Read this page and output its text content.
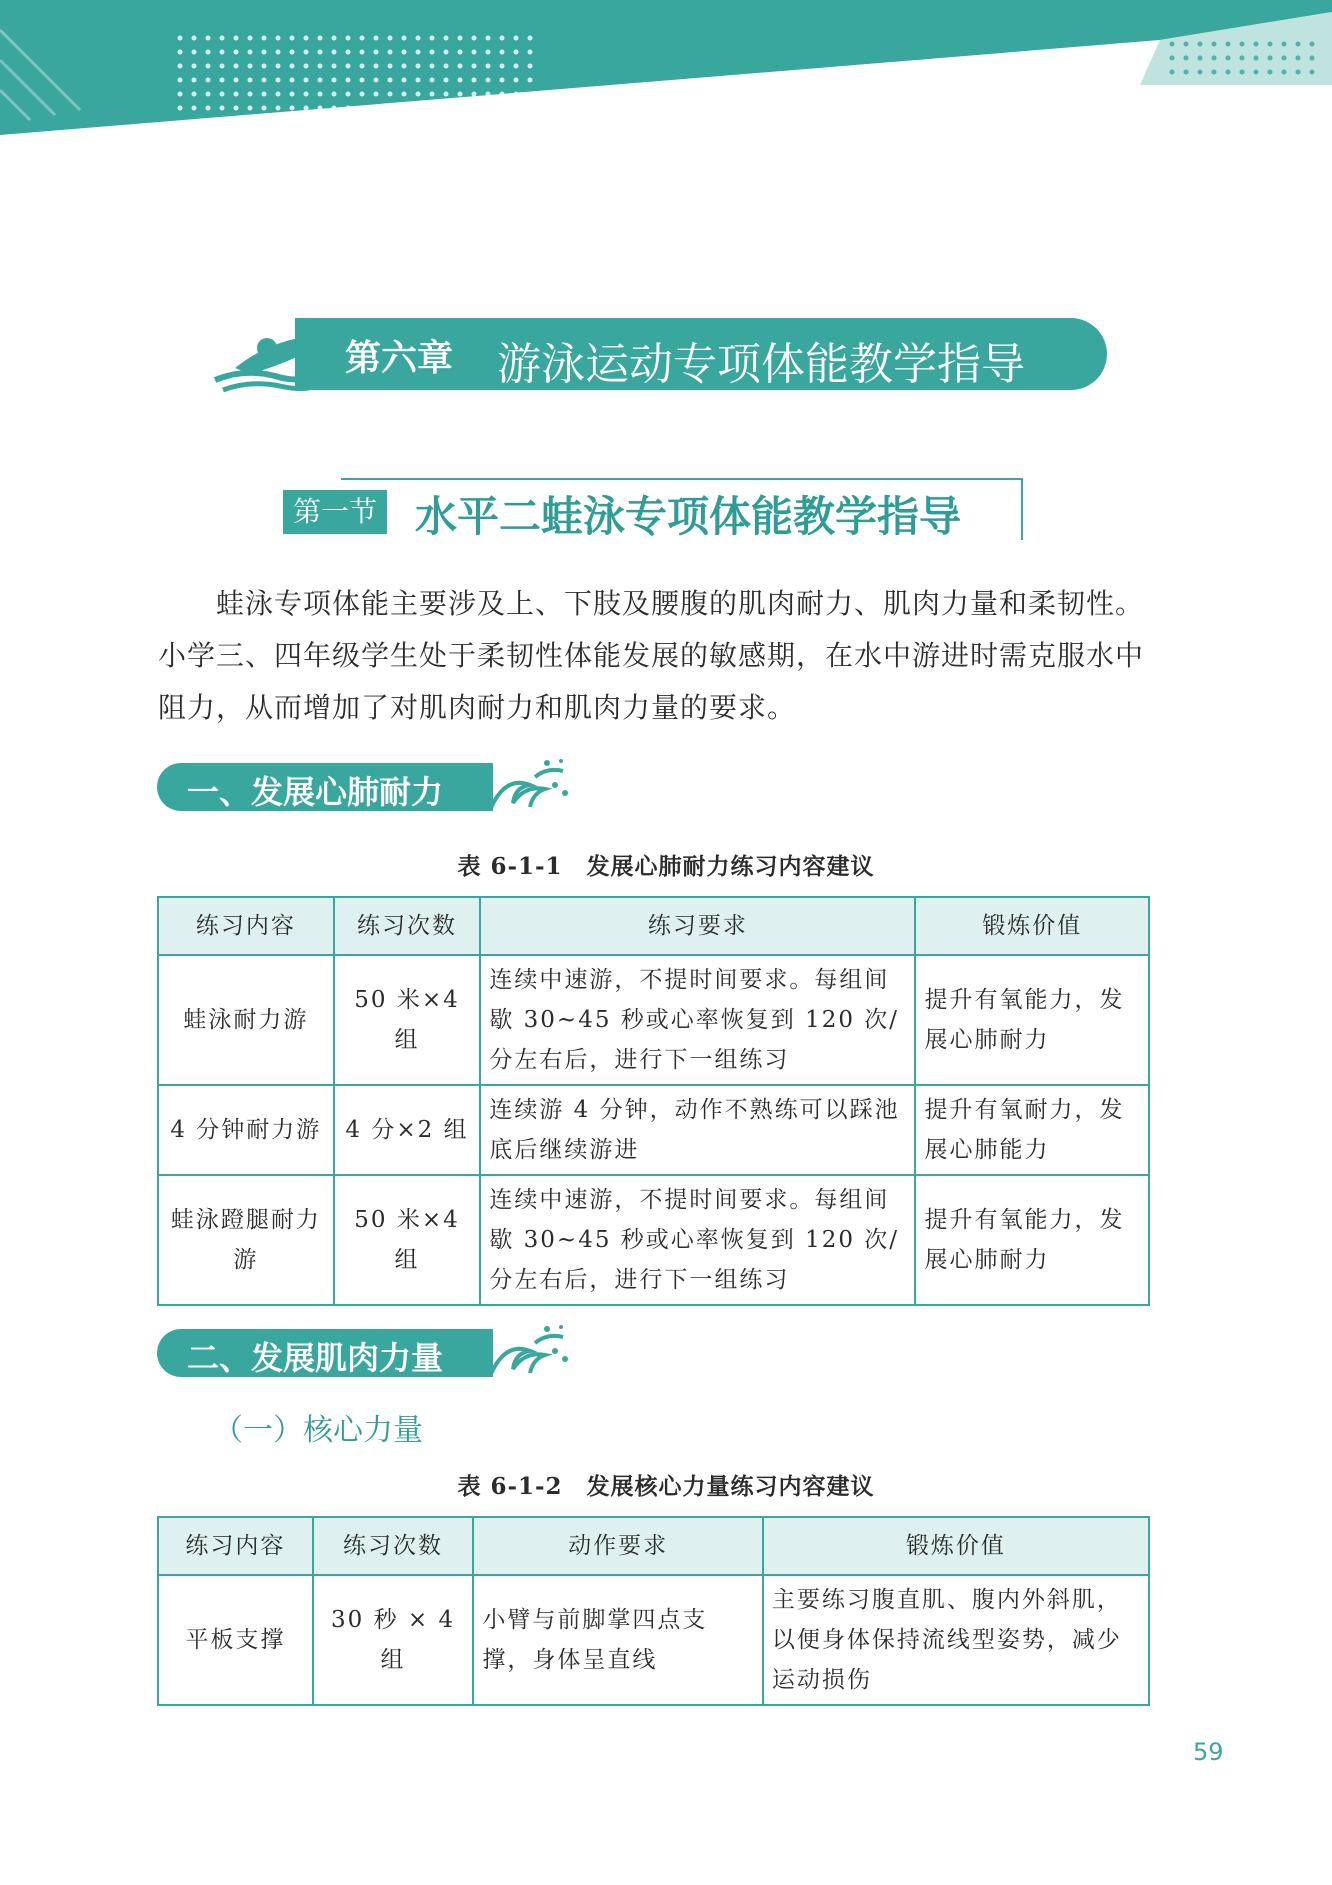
第六章 游泳运动专项体能教学指导
第一节 水平二蛙泳专项体能教学指导

蛙泳专项体能主要涉及上、下肢及腰腹的肌肉耐力、肌肉力量和柔韧性。小学三、四年级学生处于柔韧性体能发展的敏感期，在水中游进时需克服水中阻力，从而增加了对肌肉耐力和肌肉力量的要求。

一、发展心肺耐力
表 6-1-1　发展心肺耐力练习内容建议
练习内容	练习次数	练习要求	锻炼价值
蛙泳耐力游	50 米×4 组	连续中速游，不提时间要求。每组间歇 30~45 秒或心率恢复到 120 次/分左右后，进行下一组练习	提升有氧能力，发展心肺耐力
4 分钟耐力游	4 分×2 组	连续游 4 分钟，动作不熟练可以踩池底后继续游进	提升有氧耐力，发展心肺能力
蛙泳蹬腿耐力游	50 米×4 组	连续中速游，不提时间要求。每组间歇 30~45 秒或心率恢复到 120 次/分左右后，进行下一组练习	提升有氧能力，发展心肺耐力
二、发展肌肉力量
（一）核心力量
表 6-1-2　发展核心力量练习内容建议
练习内容	练习次数	动作要求	锻炼价值
平板支撑	30 秒 × 4 组	小臂与前脚掌四点支撑，身体呈直线	主要练习腹直肌、腹内外斜肌，以便身体保持流线型姿势，减少运动损伤
59
